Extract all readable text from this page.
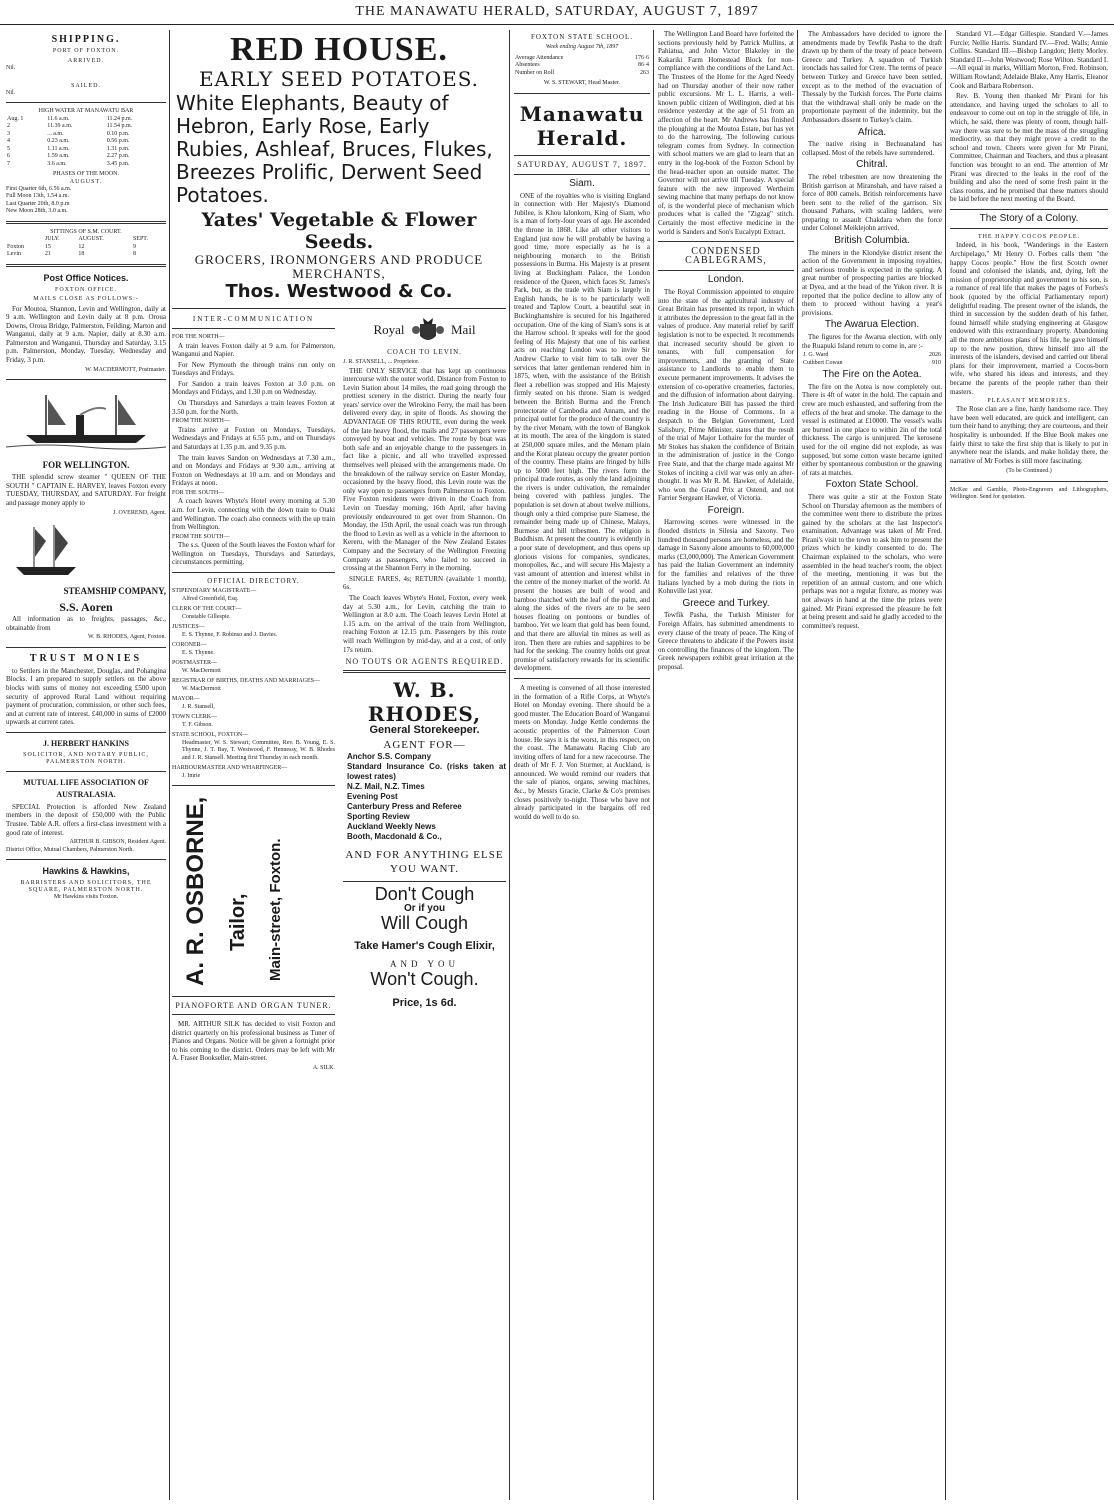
THE MANAWATU HERALD, SATURDAY, AUGUST 7, 1897
SHIPPING.
PORT OF FOXTON.
ARRIVED.
Nil.
SAILED.
Nil.
HIGH WATER AT MANAWATU BAR
Aug. 1	11.6 a.m.	11.24 p.m.
2	11.39 a.m.	11.54 p.m.
3	... a.m.	0.10 p.m.
4	0.23 a.m.	0.56 p.m.
5	1.11 a.m.	1.31 p.m.
6	1.59 a.m.	2.27 p.m.
7	3.6 a.m.	3.45 p.m.
PHASES OF THE MOON.
AUGUST.
First Quarter 6th, 6.56 a.m.
Full Moon 13th, 1.54 a.m.
Last Quarter 20th, 8.0 p.m
New Moon 28th, 3.0 a.m.
SITTINGS OF S.M. COURT.
	JULY.	AUGUST.	SEPT.
Foxton	15	12	9
Levin	21	18	8
Post Office Notices.
FOXTON OFFICE.
MAILS CLOSE AS FOLLOWS:-

For Moutoa, Shannon, Levin and Wellington, daily at 9 a.m. Wellington and Levin daily at 8 p.m. Oroua Downs, Oroua Bridge, Palmerston, Feilding, Marton and Wanganui, daily at 9 a.m. Napier, daily at 8.30 a.m. Palmerston and Wanganui, Thursday and Saturday, 3.15 p.m. Palmerston, Monday, Tuesday, Wednesday and Friday, 3 p.m.

W. MACDERMOTT, Postmaster.
FOR WELLINGTON.

THE splendid screw steamer " QUEEN OF THE SOUTH " CAPTAIN E. HARVEY, leaves Foxton every TUESDAY, THURSDAY, and SATURDAY. For freight and passage money apply to

J. OVEREND, Agent.
STEAMSHIP COMPANY,
S.S. Aoren

All information as to freights, passages, &c., obtainable from

W. B. RHODES, Agent, Foxton.
TRUST MONIES

to Settlers in the Manchester, Douglas, and Pohangina Blocks. I am prepared to supply settlers on the above blocks with sums of money not exceeding £500 upon security of approved Rural Land without requiring payment of procuration, commission, or other such fees, and at current rate of interest. £40,000 in sums of £2000 upwards at current rates.

J. HERBERT HANKINS
SOLICITOR, AND NOTARY PUBLIC, PALMERSTON NORTH.
MUTUAL LIFE ASSOCIATION OF AUSTRALASIA.

SPECIAL Protection is afforded New Zealand members in the deposit of £50,000 with the Public Trustee. Table A.R. offers a first-class investment with a good rate of interest.

ARTHUR B. GIBSON, Resident Agent.
District Office, Mutual Chambers, Palmerston North.
Hawkins & Hawkins,
BARRISTERS AND SOLICITORS, THE SQUARE, PALMERSTON NORTH.
Mr Hawkins visits Foxton.
RED HOUSE.
EARLY SEED POTATOES.
White Elephants, Beauty of Hebron, Early Rose, Early Rubies, Ashleaf, Bruces, Flukes, Breezes Prolific, Derwent Seed Potatoes.
Yates' Vegetable & Flower Seeds.
GROCERS, IRONMONGERS AND PRODUCE MERCHANTS,
Thos. Westwood & Co.
INTER-COMMUNICATION
FOR THE NORTH—

A train leaves Foxton daily at 9 a.m. for Palmerston, Wanganui and Napier.

For New Plymouth the through trains run only on Tuesdays and Fridays.

For Sandon a train leaves Foxton at 3.0 p.m. on Mondays and Fridays, and 1.30 p.m on Wednesday.

On Thursdays and Saturdays a train leaves Foxton at 3.50 p.m. for the North.

FROM THE NORTH—

Trains arrive at Foxton on Mondays, Tuesdays, Wednesdays and Fridays at 6.55 p.m., and on Thursdays and Saturdays at 1.35 p.m. and 9.35 p.m.

The train leaves Sandon on Wednesdays at 7.30 a.m., and on Mondays and Fridays at 9.30 a.m., arriving at Foxton on Wednesdays at 10 a.m. and on Mondays and Fridays at noon.

FOR THE SOUTH—

A coach leaves Whyte's Hotel every morning at 5.30 a.m. for Levin, connecting with the down train to Otaki and Wellington. The coach also connects with the up train from Wellington.

FROM THE SOUTH—

The s.s. Queen of the South leaves the Foxton wharf for Wellington on Tuesdays, Thursdays and Saturdays, circumstances permitting.

OFFICIAL DIRECTORY.
STIPENDIARY MAGISTRATE—
Alfred Greenfield, Esq.
CLERK OF THE COURT—
Constable Gillespie.
JUSTICES—
E. S. Thynne, F. Robinso and J. Davies.
CORONER—
E. S. Thynne.
POSTMASTER—
W. MacDermott
REGISTRAR OF BIRTHS, DEATHS AND MARRIAGES—
W. MacDermott
MAYOR—
J. R. Stansell,
TOWN CLERK—
T. F. Gibson.
STATE SCHOOL, FOXTON—
Headmaster, W. S. Stewart; Committee, Rev. B. Young, E. S. Thynne, J. T. Bay, T. Westwood, F. Hennessy, W. B. Rhodes and J. R. Stansell. Meeting first Thursday in each month.
HARBOURMASTER AND WHARFINGER—
J. Imrie
A. R. OSBORNE, Tailor, Main-street, Foxton.
PIANOFORTE AND ORGAN TUNER.

MR. ARTHUR SILK has decided to visit Foxton and district quarterly on his professional business as Tuner of Pianos and Organs. Notice will be given a fortnight prior to his coming to the district. Orders may be left with Mr A. Fraser Bookseller, Main-street.

A. SILK.
Royal	Mail
COACH TO LEVIN.
J. R. STANSELL, ... Proprietor.

THE ONLY SERVICE that has kept up continuous intercourse with the outer world. Distance from Foxton to Levin Station about 14 miles, the road going through the prettiest scenery in the district. During the nearly four years' service over the Wirokino Ferry, the mail has been delivered every day, in spite of floods. As showing the ADVANTAGE OF THIS ROUTE, even during the week of the late heavy flood, the mails and 27 passengers were conveyed by boat and vehicles. The route by boat was both safe and an enjoyable change to the passengers in fact like a picnic, and all who travelled expressed themselves well pleased with the arrangements made. On the breakdown of the railway service on Easter Monday, occasioned by the heavy flood, this Levin route was the only way open to passengers from Palmerston to Foxton. Five Foxton residents were driven in the Coach from Levin on Tuesday morning, 16th April, after having previously endeavoured to get over from Shannon. On Monday, the 15th April, the usual coach was run through the flood to Levin as well as a vehicle in the afternoon to Kereru, with the Manager of the New Zealand Estates Company and the Secretary of the Wellington Freezing Company as passengers, who failed to succeed in crossing at the Shannon Ferry in the morning.

SINGLE FARES, 4s; RETURN (available 1 month), 6s.

The Coach leaves Whyte's Hotel, Foxton, every week day at 5.30 a.m., for Levin, catching the train to Wellington at 8.0 a.m. The Coach leaves Levin Hotel at 1.15 a.m. on the arrival of the train from Wellington, reaching Foxton at 12.15 p.m. Passengers by this route will reach Wellington by mid-day, and at a cost, of only 17s return.

NO TOUTS OR AGENTS REQUIRED.
W. B. RHODES,
General Storekeeper.
AGENT FOR—
Anchor S.S. Company
Standard Insurance Co. (risks taken at lowest rates)
N.Z. Mail, N.Z. Times
Evening Post
Canterbury Press and Referee
Sporting Review
Auckland Weekly News
Booth, Macdonald & Co.,
AND FOR ANYTHING ELSE YOU WANT.
Don't Cough
Or if you
Will Cough
Take Hamer's Cough Elixir,
AND YOU
Won't Cough.
Price, 1s 6d.
FOXTON STATE SCHOOL.
Week ending August 7th, 1897
Average Attendance	176·6
Absentees	86·4
Number on Roll	263
W. S. STEWART, Head Master.
Manawatu Herald.
SATURDAY, AUGUST 7, 1897.
Siam.

ONE of the royalties who is visiting England in connection with Her Majesty's Diamond Jubilee, is Khou lalonkorn, King of Siam, who is a man of forty-four years of age. He ascended the throne in 1868. Like all other visitors to England just now he will probably be having a good time, more especially as he is a neighbouring monarch to the British possessions in Burma. His Majesty is at present living at Buckingham Palace, the London residence of the Queen, which faces St. James's Park, but, as the trade with Siam is largely in English hands, he is to be particularly well treated and Taplow Court, a beautiful seat in Buckinghamshire is secured for his Ingathered occupation. One of the king of Siam's sons is at the Harrow school. It speaks well for the good feeling of His Majesty that one of his earliest acts on reaching London was to invite Sir Andrew Clarke to visit him to talk over the services that latter gentleman rendered him in 1875, when, with the assistance of the British fleet a rebellion was stopped and His Majesty firmly seated on his throne. Siam is wedged between the British Burma and the French protectorate of Cambodia and Annam, and the principal outlet for the produce of the country is by the river Menam, with the town of Bangkok at its mouth. The area of the kingdom is stated at 250,000 square miles, and the Menam plain and the Korat plateau occupy the greater portion of the country. These plains are fringed by hills up to 5000 feet high. The rivers form the principal trade routes, as only the land adjoining the rivers is under cultivation, the remainder being covered with pathless jungles. The population is set down at about twelve millions, though only a third comprise pure Siamese, the remainder being made up of Chinese, Malays, Burmese and hill tribesmen. The religion is Buddhism. At present the country is evidently in a poor state of development, and thus opens up glorious visions for companies, syndicates, monopolies, &c., and will secure His Majesty a vast amount of attention and interest whilst in the centre of the money market of the world. At present the houses are built of wood and bamboo thatched with the leaf of the palm, and along the sides of the rivers are to be seen houses floating on pontoons or bundles of bamboo. Yet we learn that gold has been found, and that there are alluvial tin mines as well as iron. Then there are rubies and sapphires to be had for the seeking. The country holds out great promise of satisfactory rewards for its scientific development.

A meeting is convened of all those interested in the formation of a Rifle Corps, at Whyte's Hotel on Monday evening. There should be a good muster. The Education Board of Wanganui meets on Monday. Judge Kettle condemns the acoustic properties of the Palmerston Court house. He says it is the worst, in this respect, on the coast. The Manawatu Racing Club are inviting offers of land for a new racecourse. The death of Mr F. J. Von Sturmer, at Auckland, is announced. We would remind our readers that the sale of pianos, organs, sewing machines, &c., by Messrs Gracie, Clarke & Co's premises closes positively to-night. Those who have not already participated in the bargains off red would do well to do so.

The Wellington Land Board have forfeited the sections previously held by Patrick Mullins, at Pahiatua, and John Victor Blakeley in the Kakariki Farm Homestead Block for non-compliance with the conditions of the Land Act. The Trustees of the Home for the Aged Needy had on Thursday another of their now rather public excursions. Mr L. L. Harris, a well-known public citizen of Wellington, died at his residence yesterday at the age of 51 from an affection of the heart. Mr Andrews has finished the ploughing at the Moutoa Estate, but has yet to do the harrowing. The following curious telegram comes from Sydney. In connection with school matters we are glad to learn that an entry in the log-book of the Foxton School by the head-teacher upon an outside matter. The Governor will not arrive till Tuesday. A special feature with the new improved Wertheim sewing machine that many perhaps do not know of, is the wonderful piece of mechanism which produces what is called the "Zigzag" stitch. Certainly the most effective medicine in the world is Sanders and Son's Eucalypti Extract.

CONDENSED CABLEGRAMS,
London.

The Royal Commission appointed to enquire into the state of the agricultural industry of Great Britain has presented its report, in which it attributes the depression to the great fall in the values of produce. Any material relief by tariff legislation is not to be expected. It recommends that increased security should be given to tenants, with full compensation for improvements, and the granting of State assistance to Landlords to enable them to execute permanent improvements. It advises the extension of co-operative creameries, factories, and the diffusion of information about dairying. The Irish Judicature Bill has passed the third reading in the House of Commons. In a despatch to the Belgian Government, Lord Salisbury, Prime Minister, states that the result of the trial of Major Lothaire for the murder of Mr Stokes has shaken the confidence of Britain in the administration of justice in the Congo Free State, and that the charge made against Mr Stokes of inciting a civil war was only an after-thought. It was Mr R. M. Hawker, of Adelaide, who won the Grand Prix at Ostend, and not Farrier Sergeant Hawker, of Victoria.

Foreign.

Harrowing scenes were witnessed in the flooded districts in Silesia and Saxony. Two hundred thousand persons are homeless, and the damage in Saxony alone amounts to 60,000,000 marks (£3,000,000). The American Government has paid the Italian Government an indemnity for the families and relatives of the three Italians lynched by a mob during the riots in Kohnville last year.

Greece and Turkey.

Tewfik Pasha, the Turkish Minister for Foreign Affairs, has submitted amendments to every clause of the treaty of peace. The King of Greece threatens to abdicate if the Powers insist on controlling the finances of the kingdom. The Greek newspapers exhibit great irritation at the proposal.

The Ambassadors have decided to ignore the amendments made by Tewfik Pasha to the draft drawn up by them of the treaty of peace between Greece and Turkey. A squadron of Turkish ironclads has sailed for Crete. The terms of peace between Turkey and Greece have been settled, except as to the method of the evacuation of Thessaly by the Turkish forces. The Porte claims that the withdrawal shall only be made on the proportionate payment of the indemnity, but the Ambassadors dissent to Turkey's claim.

Africa.

The native rising in Bechuanaland has collapsed. Most of the rebels have surrendered.

Chitral.

The rebel tribesmen are now threatening the British garrison at Miranshah, and have raised a force of 800 camels. British reinforcements have been sent to the relief of the garrison. Six thousand Pathans, with scaling ladders, were preparing to assault Chakdara when the force under Colonel Meiklejohn arrived.

British Columbia.

The miners in the Klondyke district resent the action of the Government in imposing royalties, and serious trouble is expected in the spring. A great number of prospecting parties are blocked at Dyea, and at the head of the Yukon river. It is reported that the police decline to allow any of them to proceed without having a year's provisions.

The Awarua Election.

The figures for the Awarua election, with only the Ruapuki Island return to come in, are :-

J. G. Ward	2026
Cuthbert Cowan	910
The Fire on the Aotea.

The fire on the Aotea is now completely out. There is 4ft of water in the hold. The captain and crew are much exhausted, and suffering from the effects of the heat and smoke. The damage to the vessel is estimated at £10000. The vessel's walls are burned in one place to within 2in of the total thickness. The cargo is uninjured. The kerosene used for the oil engine did not explode, as was supposed, but some cotton waste became ignited either by spontaneous combustion or the gnawing of rats at matches.

Foxton State School.

There was quite a stir at the Foxton State School on Thursday afternoon as the members of the committee went there to distribute the prizes gained by the scholars at the last Inspector's examination. Advantage was taken of Mr Fred. Pirani's visit to the town to ask him to present the prizes which he kindly consented to do. The Chairman explained to the scholars, who were assembled in the head teacher's room, the object of the meeting, mentioning it was but the repetition of an annual custom, and one which perhaps was not a regular fixture, as money was not always in hand at the time the prizes were gained. Mr Pirani expressed the pleasure he felt at being present and said he gladly acceded to the committee's request.

Standard VI.—Edgar Gillespie. Standard V.—James Furcie; Nellie Harris. Standard IV.—Fred. Walls; Annie Collins. Standard III.—Bishop Langdon; Hetty Morley. Standard II.—John Westwood; Rose Wilton. Standard I.—All equal in marks, William Morton, Fred. Robinson, William Rowland; Adelaide Blake, Amy Harris, Eleanor Cook and Barbara Robertson.

Rev. B. Young then thanked Mr Pirani for his attendance, and having urged the scholars to all to endeavour to come out on top in the struggle of life, in which, he said, there was plenty of room, though half-way there was sure to be met the mass of the struggling mediocrity, so that they might prove a credit to the school and town. Cheers were given for Mr Pirani, Committee, Chairman and Teachers, and thus a pleasant function was brought to an end. The attention of Mr Pirani was directed to the leaks in the roof of the building and also the need of some fresh paint in the class rooms, and he promised that these matters should be laid before the next meeting of the Board.

The Story of a Colony.
THE HAPPY COCOS PEOPLE.

Indeed, in his book, "Wanderings in the Eastern Archipelago," Mr Henry O. Forbes calls them "the happy Cocos people." How the first Scotch owner found and colonised the islands, and, dying, left the mission of proprietorship and government to his son, is a romance of real life that makes the pages of Forbes's book (quoted by the official Parliamentary report) delightful reading. The present owner of the islands, the third in succession by the sudden death of his father, found himself while studying engineering at Glasgow endowed with this extraordinary property. Abandoning all the more ambitious plans of his life, he gave himself up to the new position, threw himself into all the interests of the islanders, devised and carried out liberal plans for their improvement, married a Cocos-born wife, who shared his ideas and interests, and they became the parents of the people rather than their masters.

PLEASANT MEMORIES.

The Rose clan are a fine, hardy handsome race. They have been well educated, are quick and intelligent, can turn their hand to anything; they are courteous, and their hospitality is unbounded. If the Blue Book makes one fairly thirst to take the first ship that is likely to put in anywhere near the islands, and make holiday there, the narrative of Mr Forbes is still more fascinating.

(To be Continued.)
McKee and Gamble, Photo-Engravers and Lithographers, Wellington. Send for quotation.
